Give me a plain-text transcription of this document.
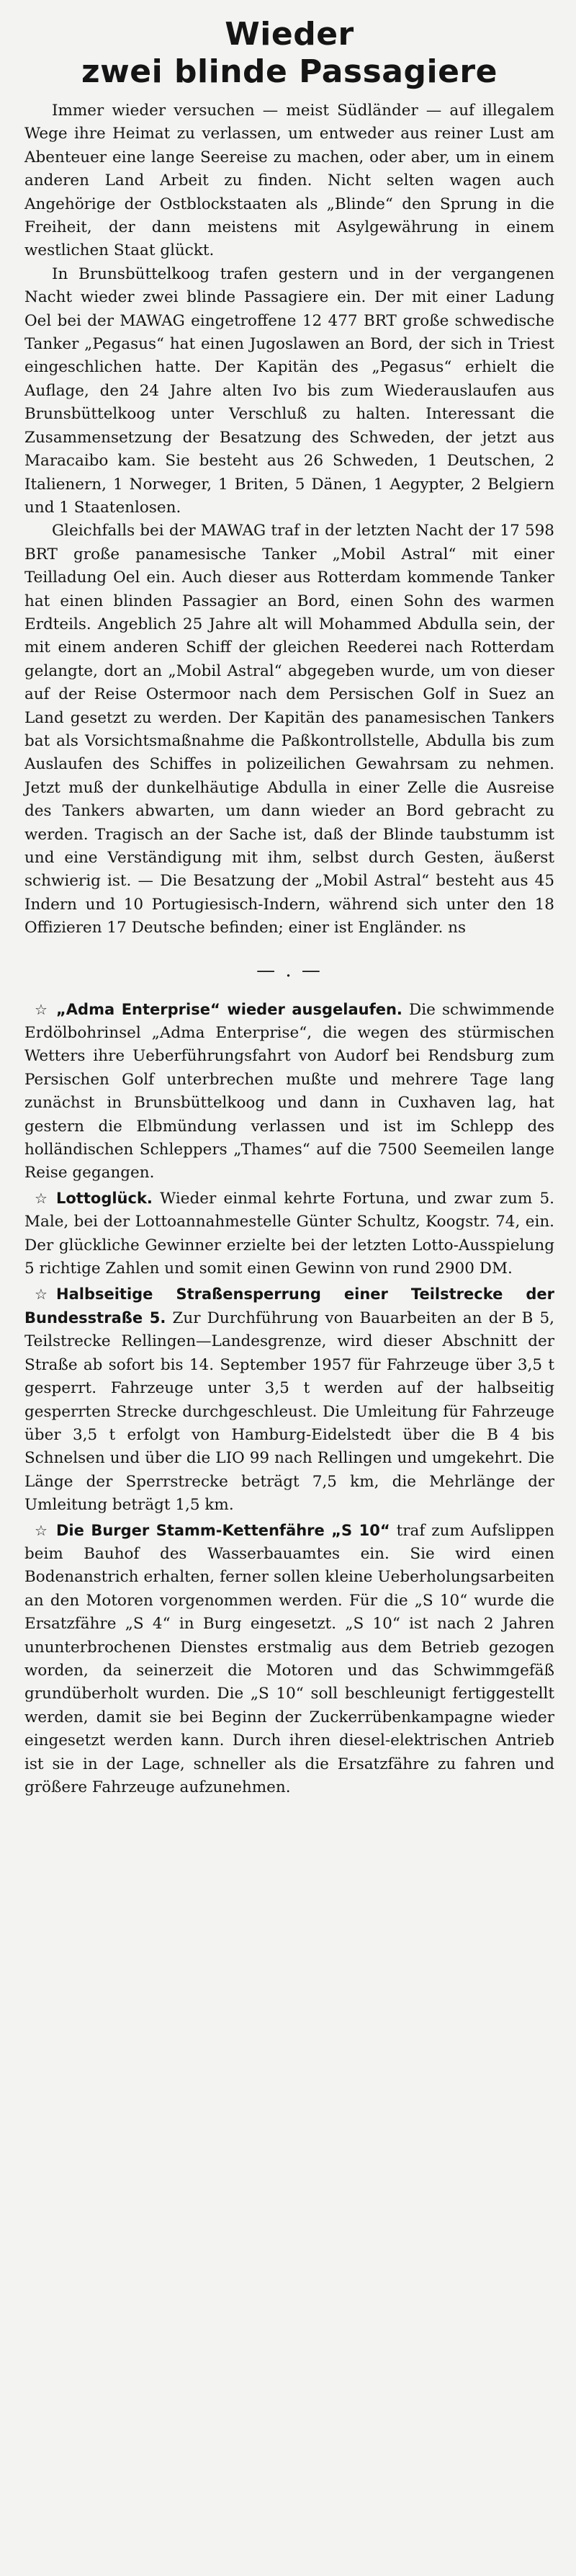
Wieder
zwei blinde Passagiere

Immer wieder versuchen — meist Südländer — auf illegalem Wege ihre Heimat zu verlassen, um entweder aus reiner Lust am Abenteuer eine lange Seereise zu machen, oder aber, um in einem anderen Land Arbeit zu finden. Nicht selten wagen auch Angehörige der Ostblockstaaten als „Blinde“ den Sprung in die Freiheit, der dann meistens mit Asylgewährung in einem westlichen Staat glückt.

In Brunsbüttelkoog trafen gestern und in der vergangenen Nacht wieder zwei blinde Passagiere ein. Der mit einer Ladung Oel bei der MAWAG eingetroffene 12 477 BRT große schwedische Tanker „Pegasus“ hat einen Jugoslawen an Bord, der sich in Triest eingeschlichen hatte. Der Kapitän des „Pegasus“ erhielt die Auflage, den 24 Jahre alten Ivo bis zum Wiederauslaufen aus Brunsbüttelkoog unter Verschluß zu halten. Interessant die Zusammensetzung der Besatzung des Schweden, der jetzt aus Maracaibo kam. Sie besteht aus 26 Schweden, 1 Deutschen, 2 Italienern, 1 Norweger, 1 Briten, 5 Dänen, 1 Aegypter, 2 Belgiern und 1 Staatenlosen.

Gleichfalls bei der MAWAG traf in der letzten Nacht der 17 598 BRT große panamesische Tanker „Mobil Astral“ mit einer Teilladung Oel ein. Auch dieser aus Rotterdam kommende Tanker hat einen blinden Passagier an Bord, einen Sohn des warmen Erdteils. Angeblich 25 Jahre alt will Mohammed Abdulla sein, der mit einem anderen Schiff der gleichen Reederei nach Rotterdam gelangte, dort an „Mobil Astral“ abgegeben wurde, um von dieser auf der Reise Ostermoor nach dem Persischen Golf in Suez an Land gesetzt zu werden. Der Kapitän des panamesischen Tankers bat als Vorsichtsmaßnahme die Paßkontrollstelle, Abdulla bis zum Auslaufen des Schiffes in polizeilichen Gewahrsam zu nehmen. Jetzt muß der dunkelhäutige Abdulla in einer Zelle die Ausreise des Tankers abwarten, um dann wieder an Bord gebracht zu werden. Tragisch an der Sache ist, daß der Blinde taubstumm ist und eine Verständigung mit ihm, selbst durch Gesten, äußerst schwierig ist. — Die Besatzung der „Mobil Astral“ besteht aus 45 Indern und 10 Portugiesisch-Indern, während sich unter den 18 Offizieren 17 Deutsche befinden; einer ist Engländer. ns

— . —

☆ „Adma Enterprise“ wieder ausgelaufen. Die schwimmende Erdölbohrinsel „Adma Enterprise“, die wegen des stürmischen Wetters ihre Ueberführungsfahrt von Audorf bei Rendsburg zum Persischen Golf unterbrechen mußte und mehrere Tage lang zunächst in Brunsbüttelkoog und dann in Cuxhaven lag, hat gestern die Elbmündung verlassen und ist im Schlepp des holländischen Schleppers „Thames“ auf die 7500 Seemeilen lange Reise gegangen.

☆ Lottoglück. Wieder einmal kehrte Fortuna, und zwar zum 5. Male, bei der Lottoannahmestelle Günter Schultz, Koogstr. 74, ein. Der glückliche Gewinner erzielte bei der letzten Lotto-Ausspielung 5 richtige Zahlen und somit einen Gewinn von rund 2900 DM.

☆ Halbseitige Straßensperrung einer Teilstrecke der Bundesstraße 5. Zur Durchführung von Bauarbeiten an der B 5, Teilstrecke Rellingen—Landesgrenze, wird dieser Abschnitt der Straße ab sofort bis 14. September 1957 für Fahrzeuge über 3,5 t gesperrt. Fahrzeuge unter 3,5 t werden auf der halbseitig gesperrten Strecke durchgeschleust. Die Umleitung für Fahrzeuge über 3,5 t erfolgt von Hamburg-Eidelstedt über die B 4 bis Schnelsen und über die LIO 99 nach Rellingen und umgekehrt. Die Länge der Sperrstrecke beträgt 7,5 km, die Mehrlänge der Umleitung beträgt 1,5 km.

☆ Die Burger Stamm-Kettenfähre „S 10“ traf zum Aufslippen beim Bauhof des Wasserbauamtes ein. Sie wird einen Bodenanstrich erhalten, ferner sollen kleine Ueberholungsarbeiten an den Motoren vorgenommen werden. Für die „S 10“ wurde die Ersatzfähre „S 4“ in Burg eingesetzt. „S 10“ ist nach 2 Jahren ununterbrochenen Dienstes erstmalig aus dem Betrieb gezogen worden, da seinerzeit die Motoren und das Schwimmgefäß grundüberholt wurden. Die „S 10“ soll beschleunigt fertiggestellt werden, damit sie bei Beginn der Zuckerrübenkampagne wieder eingesetzt werden kann. Durch ihren diesel-elektrischen Antrieb ist sie in der Lage, schneller als die Ersatzfähre zu fahren und größere Fahrzeuge aufzunehmen.
